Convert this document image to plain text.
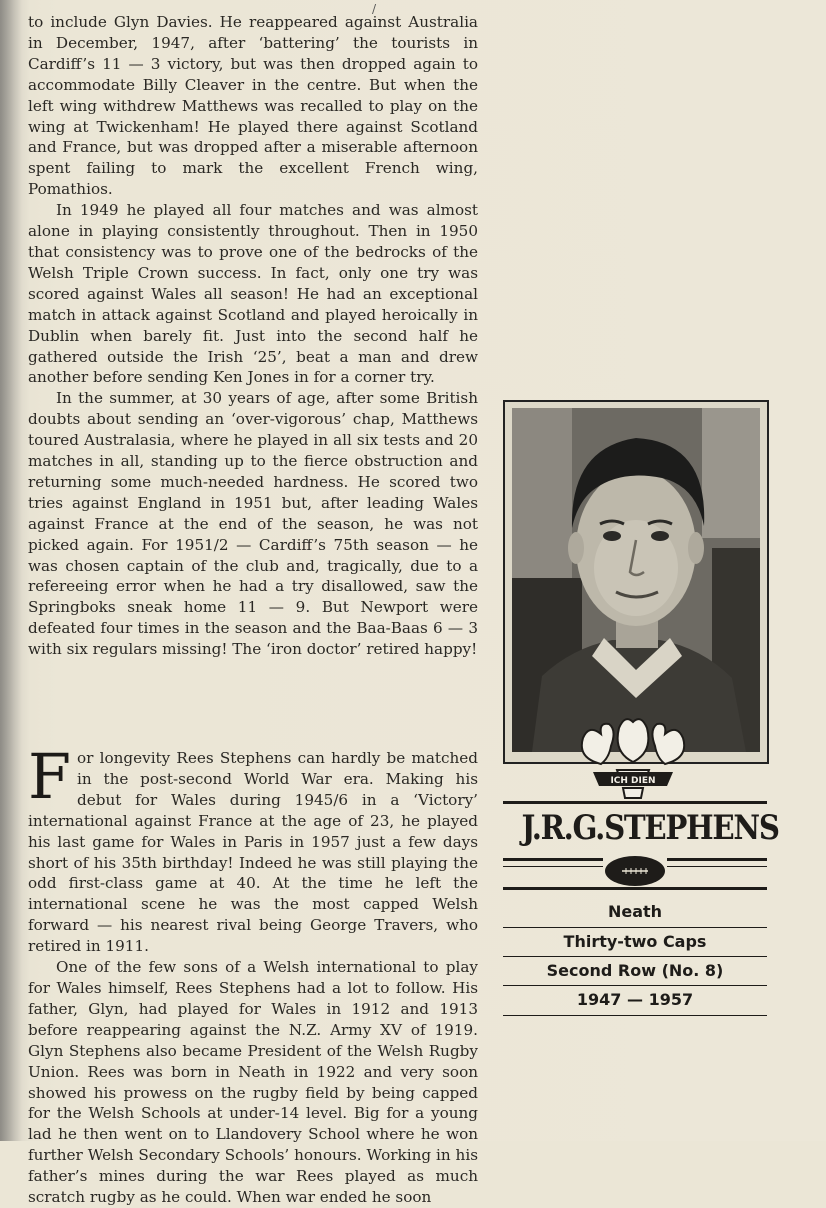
/

to include Glyn Davies. He reappeared against Australia in December, 1947, after ‘battering’ the tourists in Cardiff’s 11 — 3 victory, but was then dropped again to accommodate Billy Cleaver in the centre. But when the left wing withdrew Matthews was recalled to play on the wing at Twickenham! He played there against Scotland and France, but was dropped after a miserable afternoon spent failing to mark the excellent French wing, Pomathios.

In 1949 he played all four matches and was almost alone in playing consistently throughout. Then in 1950 that consistency was to prove one of the bedrocks of the Welsh Triple Crown success. In fact, only one try was scored against Wales all season! He had an exceptional match in attack against Scotland and played heroically in Dublin when barely fit. Just into the second half he gathered outside the Irish ‘25’, beat a man and drew another before sending Ken Jones in for a corner try.

In the summer, at 30 years of age, after some British doubts about sending an ‘over-vigorous’ chap, Matthews toured Australasia, where he played in all six tests and 20 matches in all, standing up to the fierce obstruction and returning some much-needed hardness. He scored two tries against England in 1951 but, after leading Wales against France at the end of the season, he was not picked again. For 1951/2 — Cardiff’s 75th season — he was chosen captain of the club and, tragically, due to a refereeing error when he had a try disallowed, saw the Springboks sneak home 11 — 9. But Newport were defeated four times in the season and the Baa-Baas 6 — 3 with six regulars missing! The ‘iron doctor’ retired happy!

F or longevity Rees Stephens can hardly be matched in the post-second World War era. Making his debut for Wales during 1945/6 in a ‘Victory’ international against France at the age of 23, he played his last game for Wales in Paris in 1957 just a few days short of his 35th birthday! Indeed he was still playing the odd first-class game at 40. At the time he left the international scene he was the most capped Welsh forward — his nearest rival being George Travers, who retired in 1911.

One of the few sons of a Welsh international to play for Wales himself, Rees Stephens had a lot to follow. His father, Glyn, had played for Wales in 1912 and 1913 before reappearing against the N.Z. Army XV of 1919. Glyn Stephens also became President of the Welsh Rugby Union. Rees was born in Neath in 1922 and very soon showed his prowess on the rugby field by being capped for the Welsh Schools at under-14 level. Big for a young lad he then went on to Llandovery School where he won further Welsh Secondary Schools’ honours. Working in his father’s mines during the war Rees played as much scratch rugby as he could. When war ended he soon

ICH DIEN
J.R.G.STEPHENS
Neath
Thirty-two Caps
Second Row (No. 8)
1947 — 1957
